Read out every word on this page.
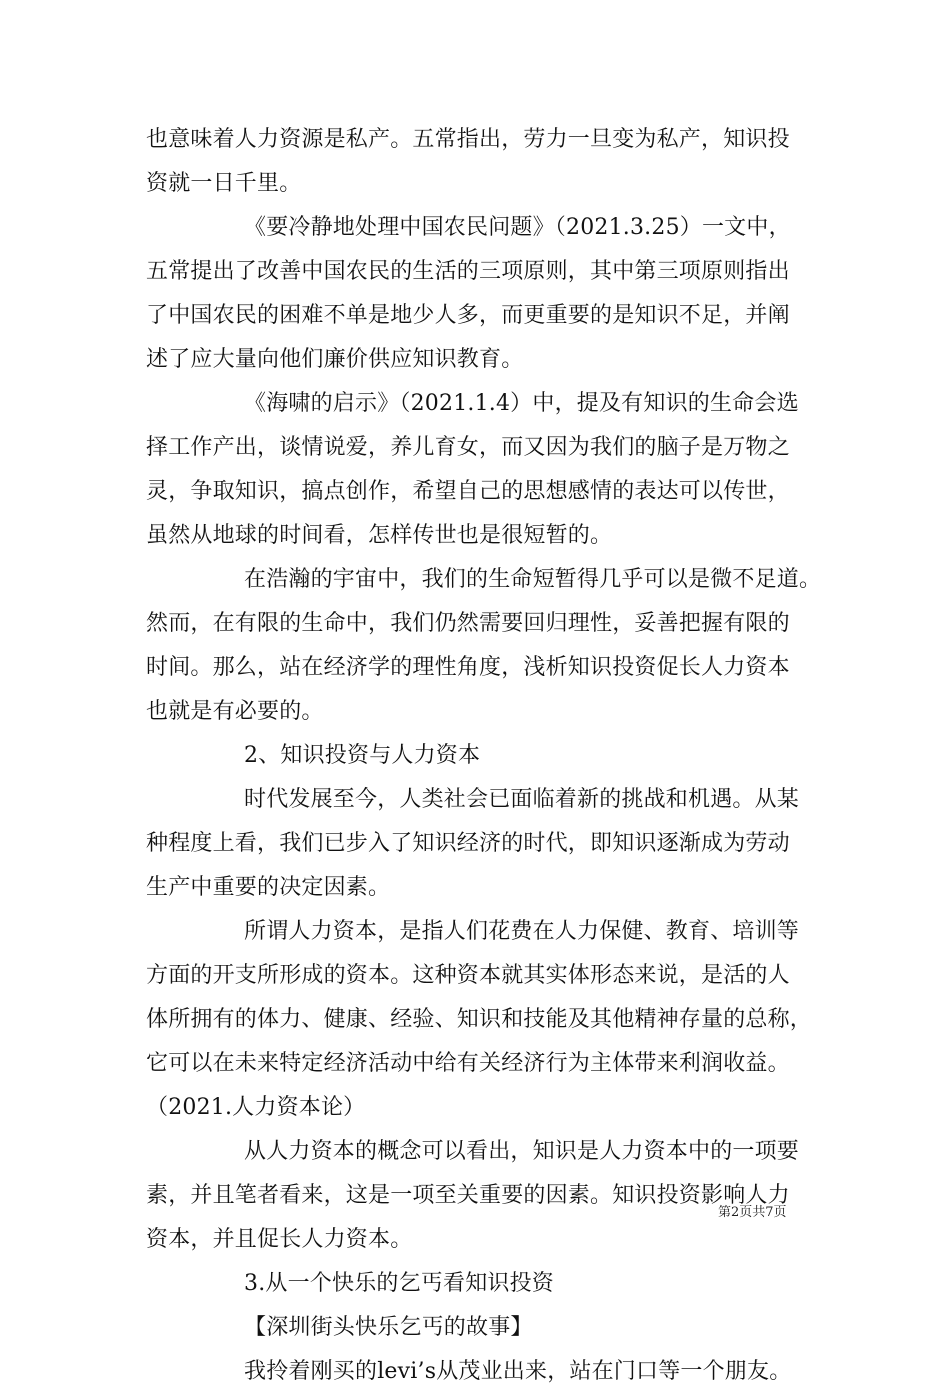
也意味着人力资源是私产。五常指出，劳力一旦变为私产，知识投
资就一日千里。
《要冷静地处理中国农民问题》（2021.3.25）一文中，
五常提出了改善中国农民的生活的三项原则，其中第三项原则指出
了中国农民的困难不单是地少人多，而更重要的是知识不足，并阐
述了应大量向他们廉价供应知识教育。
《海啸的启示》（2021.1.4）中，提及有知识的生命会选
择工作产出，谈情说爱，养儿育女，而又因为我们的脑子是万物之
灵，争取知识，搞点创作，希望自己的思想感情的表达可以传世，
虽然从地球的时间看，怎样传世也是很短暂的。
在浩瀚的宇宙中，我们的生命短暂得几乎可以是微不足道。
然而，在有限的生命中，我们仍然需要回归理性，妥善把握有限的
时间。那么，站在经济学的理性角度，浅析知识投资促长人力资本
也就是有必要的。
2、知识投资与人力资本
时代发展至今，人类社会已面临着新的挑战和机遇。从某
种程度上看，我们已步入了知识经济的时代，即知识逐渐成为劳动
生产中重要的决定因素。
所谓人力资本，是指人们花费在人力保健、教育、培训等
方面的开支所形成的资本。这种资本就其实体形态来说，是活的人
体所拥有的体力、健康、经验、知识和技能及其他精神存量的总称，
它可以在未来特定经济活动中给有关经济行为主体带来利润收益。
（2021.人力资本论）
从人力资本的概念可以看出，知识是人力资本中的一项要
素，并且笔者看来，这是一项至关重要的因素。知识投资影响人力
资本，并且促长人力资本。
3.从一个快乐的乞丐看知识投资
【深圳街头快乐乞丐的故事】
我拎着刚买的levi’s从茂业出来，站在门口等一个朋友。
第2页共7页
